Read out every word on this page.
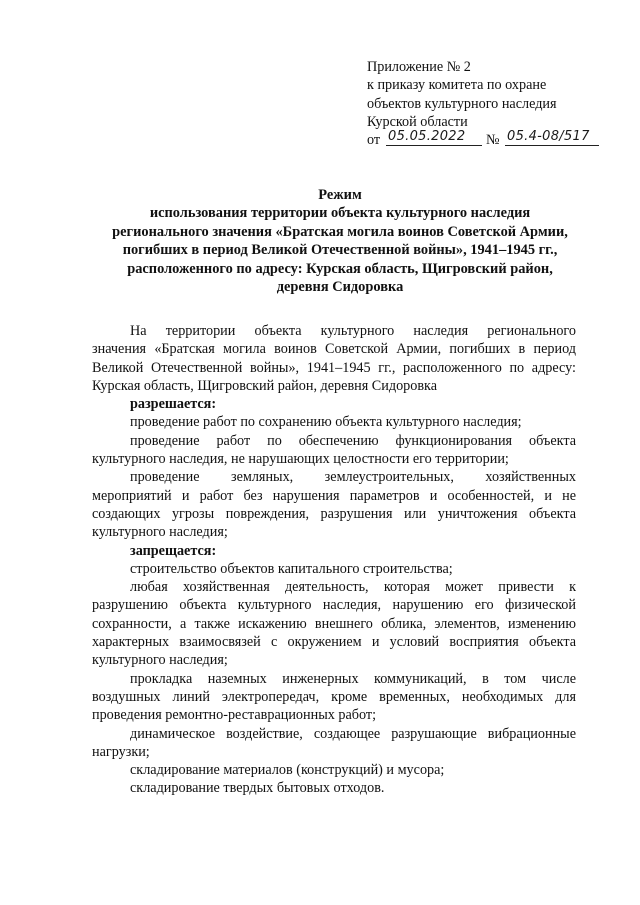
Приложение № 2
к приказу комитета по охране
объектов культурного наследия
Курской области
от 05.05.2022	№ 05.4-08/517
Режим
использования территории объекта культурного наследия
регионального значения «Братская могила воинов Советской Армии,
погибших в период Великой Отечественной войны», 1941–1945 гг.,
расположенного по адресу: Курская область, Щигровский район,
деревня Сидоровка
На территории объекта культурного наследия регионального
значения «Братская могила воинов Советской Армии, погибших в период
Великой Отечественной войны», 1941–1945 гг., расположенного по адресу:
Курская область, Щигровский район, деревня Сидоровка
разрешается:
проведение работ по сохранению объекта культурного наследия;
проведение работ по обеспечению функционирования объекта
культурного наследия, не нарушающих целостности его территории;
проведение земляных, землеустроительных, хозяйственных
мероприятий и работ без нарушения параметров и особенностей, и не
создающих угрозы повреждения, разрушения или уничтожения объекта
культурного наследия;
запрещается:
строительство объектов капитального строительства;
любая хозяйственная деятельность, которая может привести к
разрушению объекта культурного наследия, нарушению его физической
сохранности, а также искажению внешнего облика, элементов, изменению
характерных взаимосвязей с окружением и условий восприятия объекта
культурного наследия;
прокладка наземных инженерных коммуникаций, в том числе
воздушных линий электропередач, кроме временных, необходимых для
проведения ремонтно-реставрационных работ;
динамическое воздействие, создающее разрушающие вибрационные
нагрузки;
складирование материалов (конструкций) и мусора;
складирование твердых бытовых отходов.
